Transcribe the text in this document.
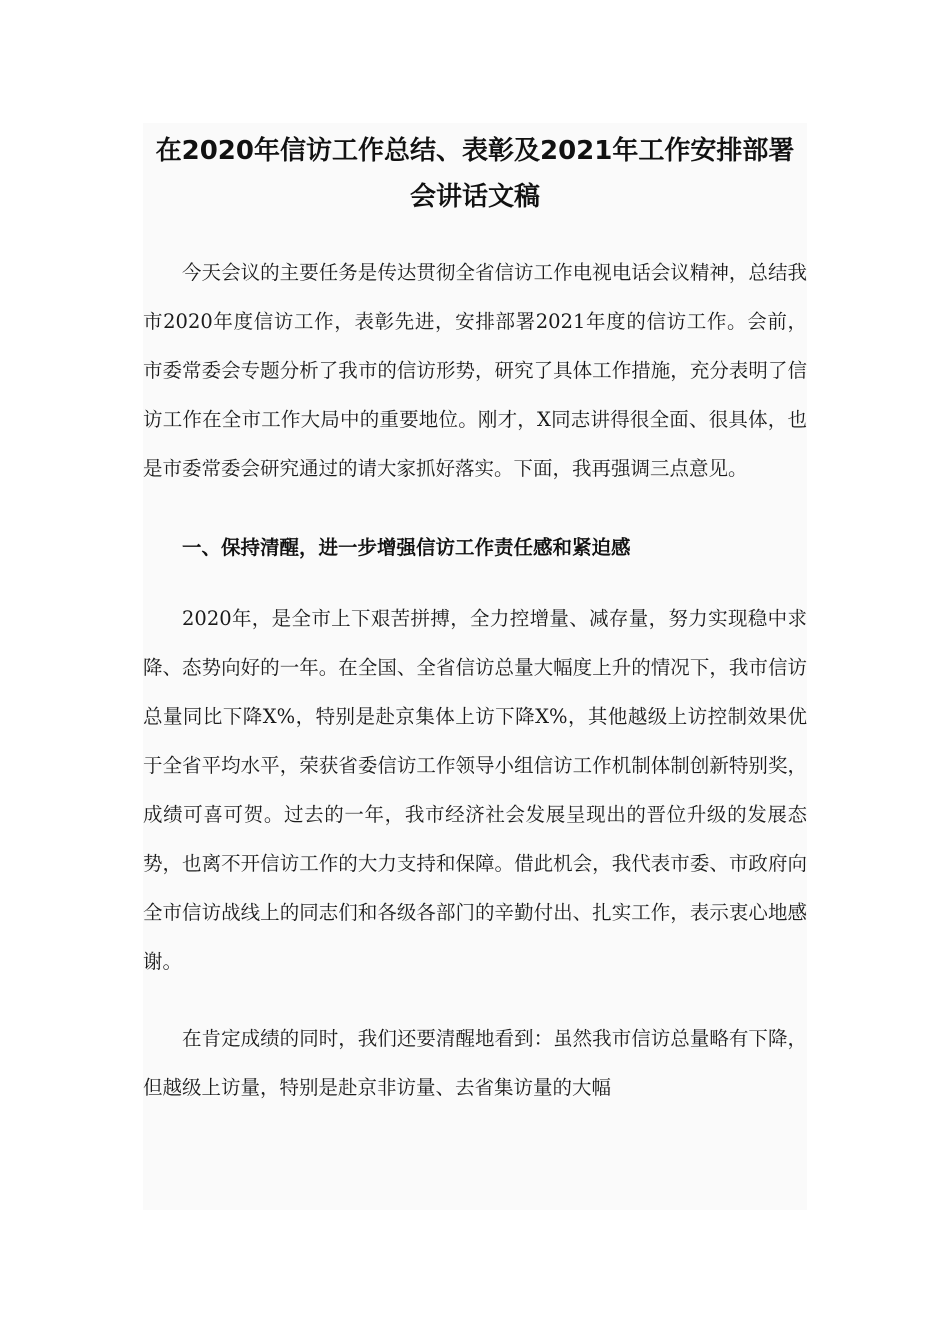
在2020年信访工作总结、表彰及2021年工作安排部署会讲话文稿

今天会议的主要任务是传达贯彻全省信访工作电视电话会议精神，总结我市2020年度信访工作，表彰先进，安排部署2021年度的信访工作。会前，市委常委会专题分析了我市的信访形势，研究了具体工作措施，充分表明了信访工作在全市工作大局中的重要地位。刚才，X同志讲得很全面、很具体，也是市委常委会研究通过的请大家抓好落实。下面，我再强调三点意见。

一、保持清醒，进一步增强信访工作责任感和紧迫感

2020年，是全市上下艰苦拼搏，全力控增量、减存量，努力实现稳中求降、态势向好的一年。在全国、全省信访总量大幅度上升的情况下，我市信访总量同比下降X%，特别是赴京集体上访下降X%，其他越级上访控制效果优于全省平均水平，荣获省委信访工作领导小组信访工作机制体制创新特别奖，成绩可喜可贺。过去的一年，我市经济社会发展呈现出的晋位升级的发展态势，也离不开信访工作的大力支持和保障。借此机会，我代表市委、市政府向全市信访战线上的同志们和各级各部门的辛勤付出、扎实工作，表示衷心地感谢。

在肯定成绩的同时，我们还要清醒地看到：虽然我市信访总量略有下降，但越级上访量，特别是赴京非访量、去省集访量的大幅
